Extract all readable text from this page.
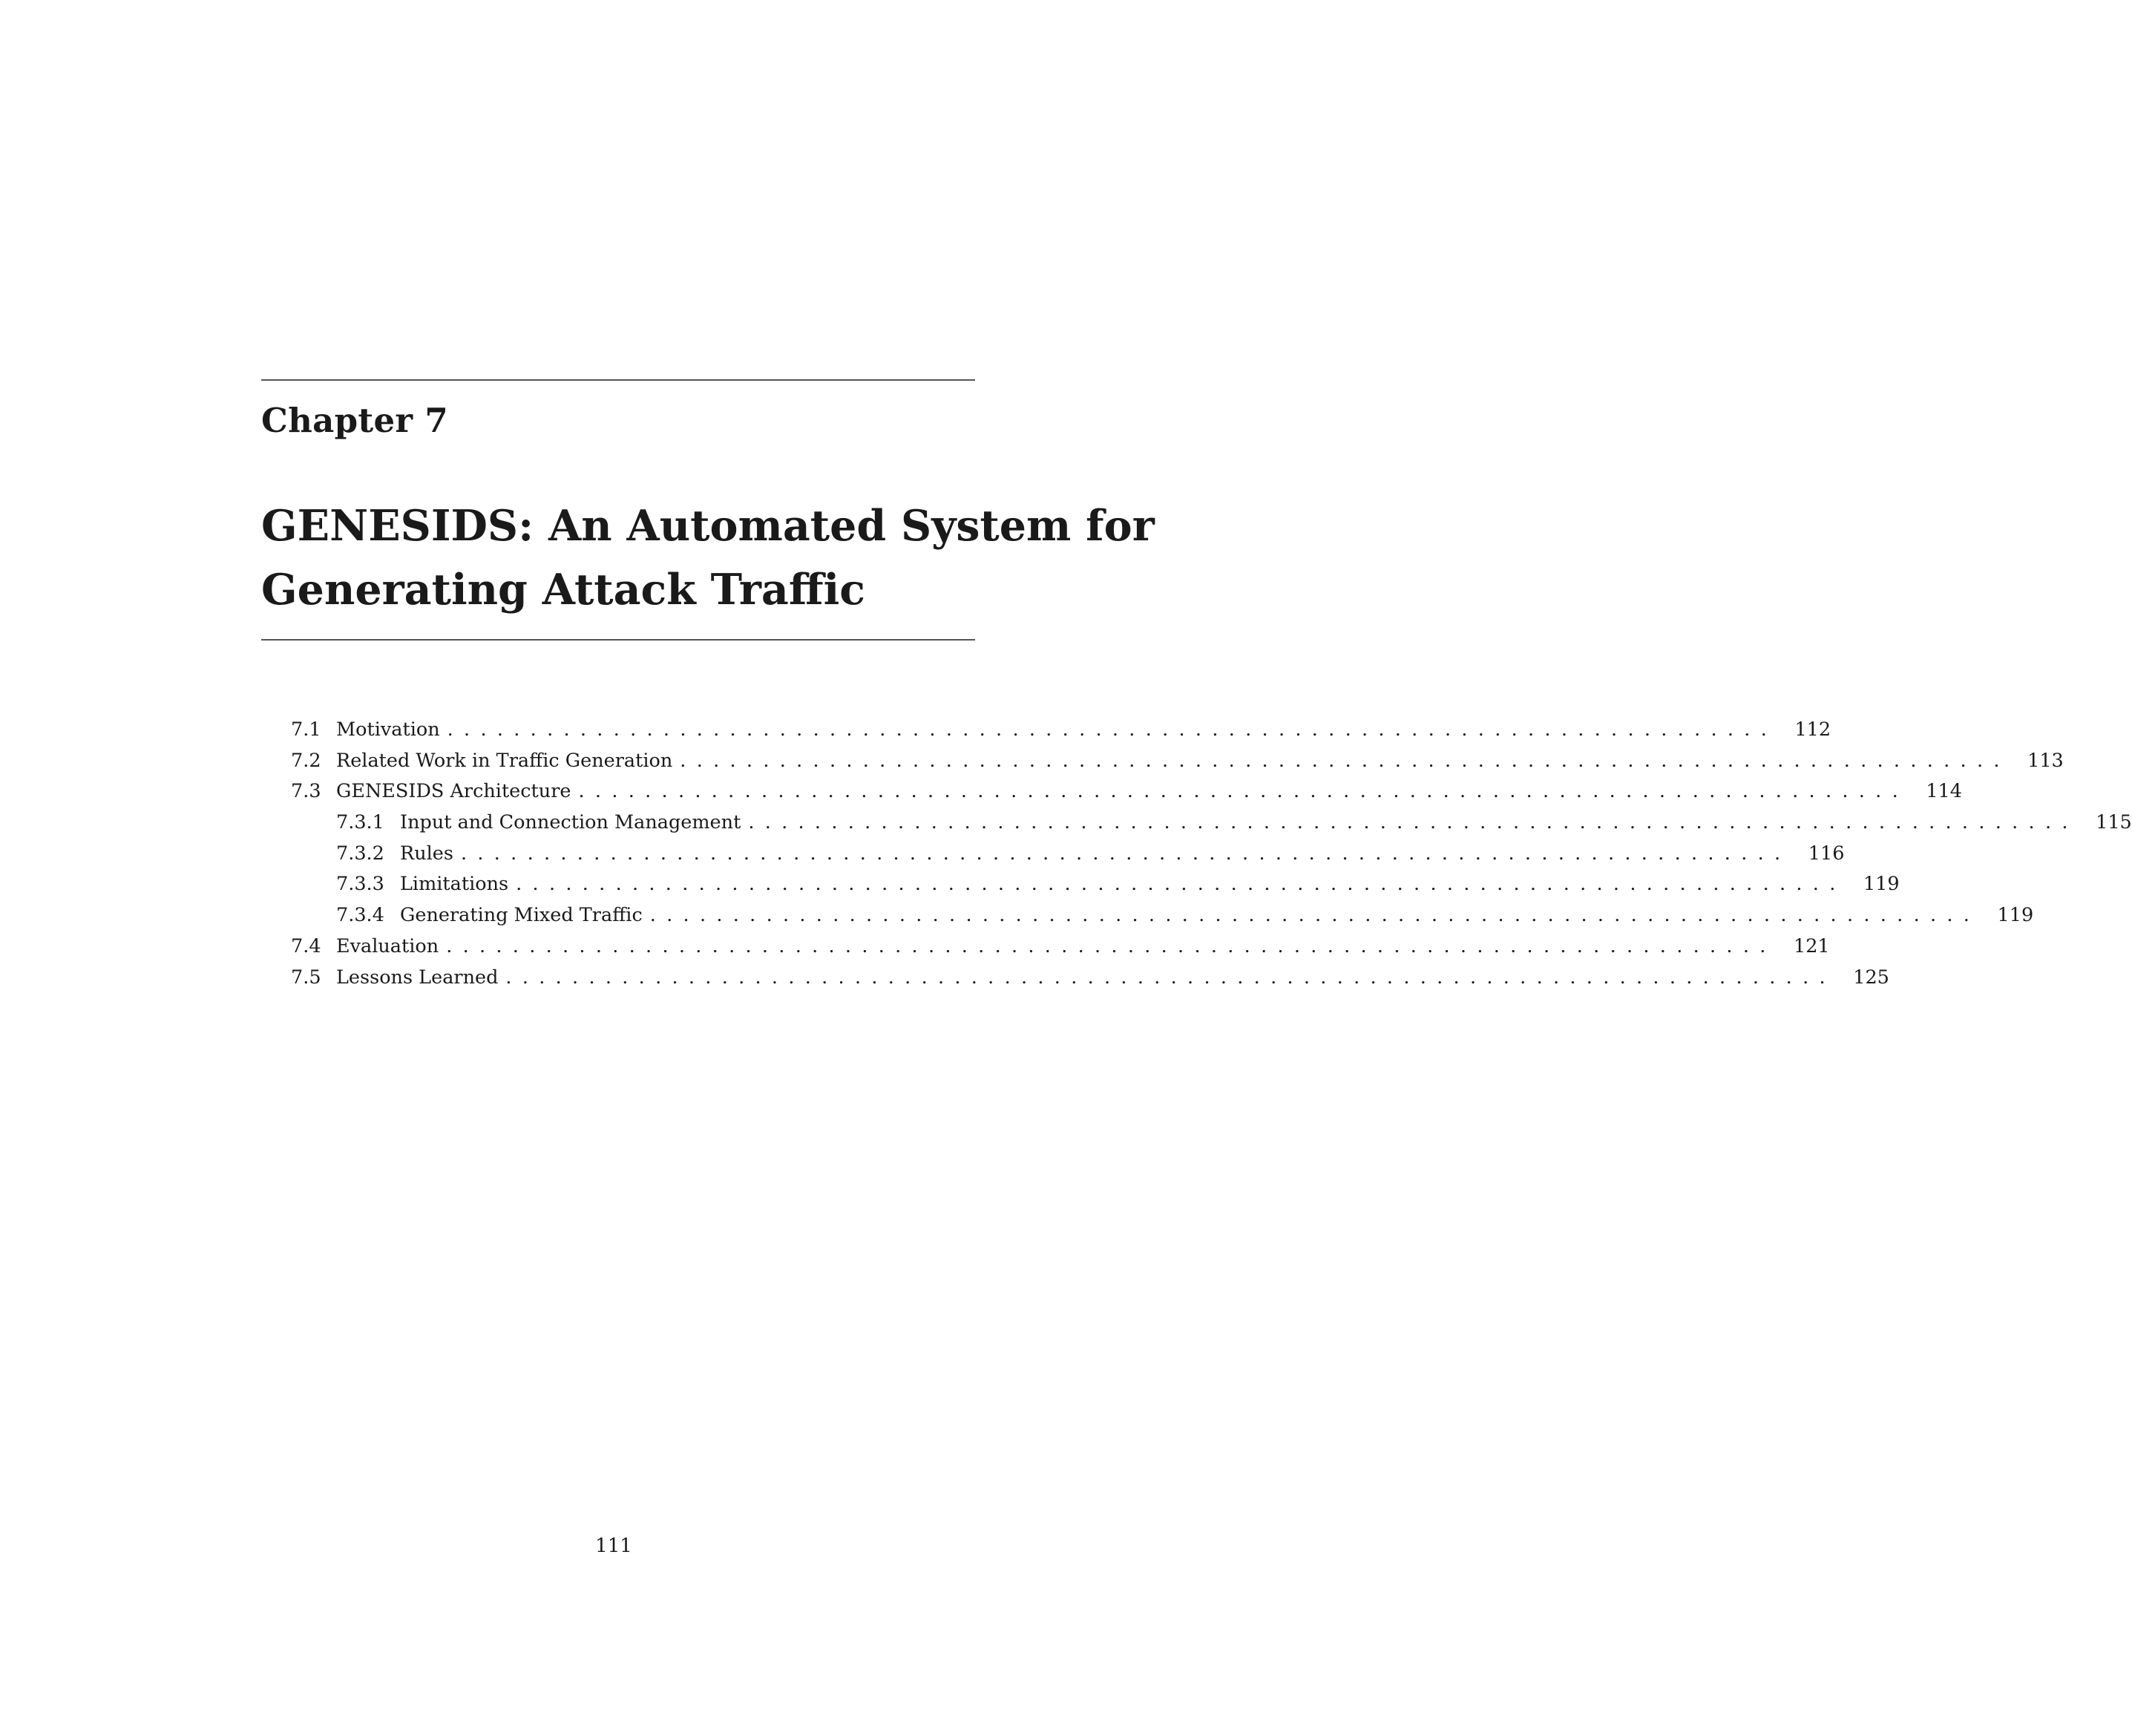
Chapter 7
GENESIDS: An Automated System for
Generating Attack Traffic
7.1 Motivation ................................................................................ 112
7.2 Related Work in Traffic Generation ................................................................................ 113
7.3 GENESIDS Architecture ................................................................................ 114
7.3.1 Input and Connection Management ................................................................................ 115
7.3.2 Rules ................................................................................ 116
7.3.3 Limitations ................................................................................ 119
7.3.4 Generating Mixed Traffic ................................................................................ 119
7.4 Evaluation ................................................................................ 121
7.5 Lessons Learned ................................................................................ 125
111
